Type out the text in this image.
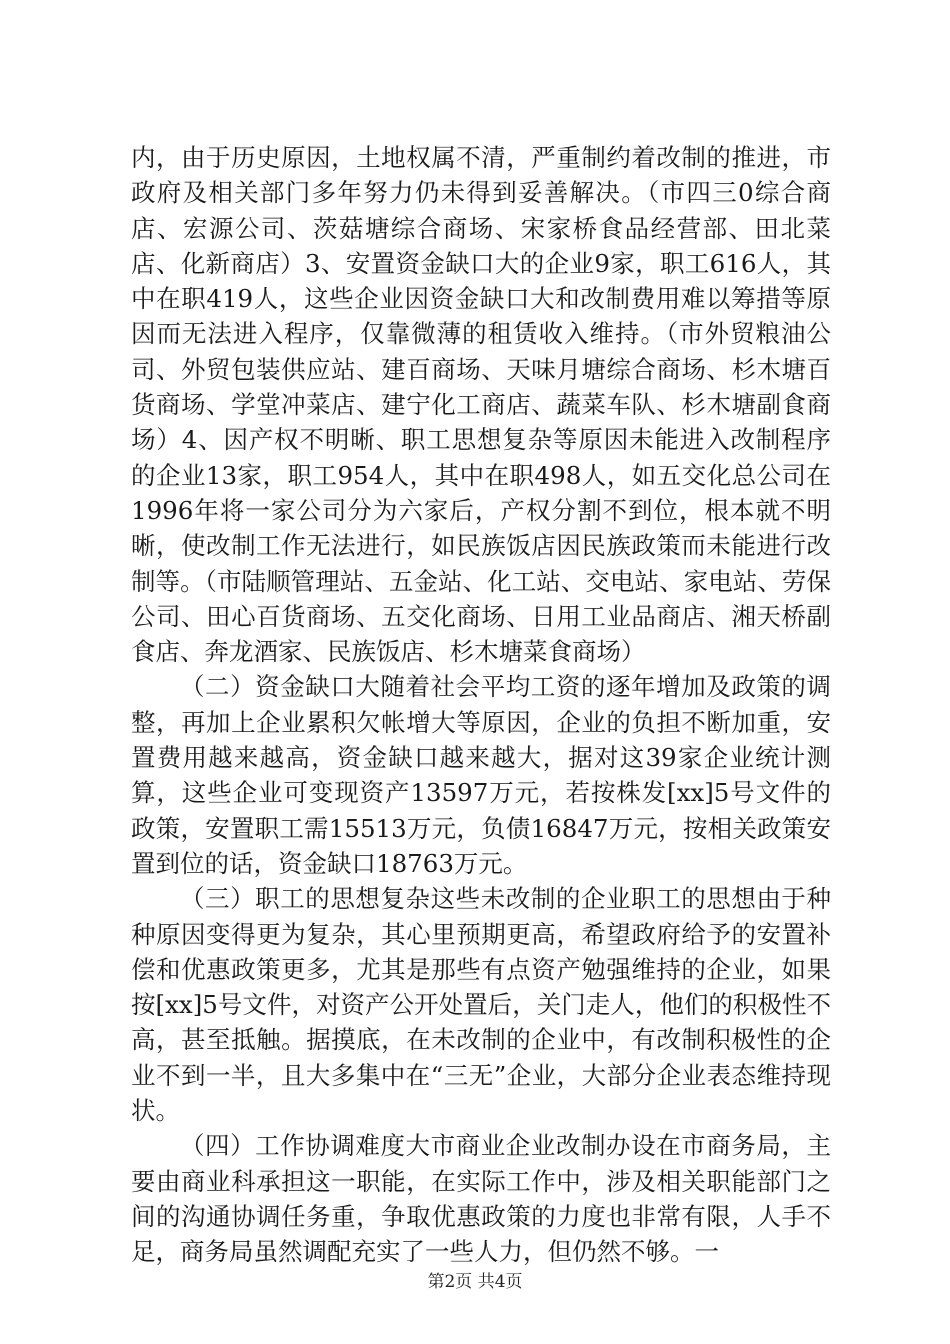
内，由于历史原因，土地权属不清，严重制约着改制的推进，市政府及相关部门多年努力仍未得到妥善解决。（市四三0综合商店、宏源公司、茨菇塘综合商场、宋家桥食品经营部、田北菜店、化新商店）3、安置资金缺口大的企业9家，职工616人，其中在职419人，这些企业因资金缺口大和改制费用难以筹措等原因而无法进入程序，仅靠微薄的租赁收入维持。（市外贸粮油公司、外贸包装供应站、建百商场、天味月塘综合商场、杉木塘百货商场、学堂冲菜店、建宁化工商店、蔬菜车队、杉木塘副食商场）4、因产权不明晰、职工思想复杂等原因未能进入改制程序的企业13家，职工954人，其中在职498人，如五交化总公司在1996年将一家公司分为六家后，产权分割不到位，根本就不明晰，使改制工作无法进行，如民族饭店因民族政策而未能进行改制等。（市陆顺管理站、五金站、化工站、交电站、家电站、劳保公司、田心百货商场、五交化商场、日用工业品商店、湘天桥副食店、奔龙酒家、民族饭店、杉木塘菜食商场）

（二）资金缺口大随着社会平均工资的逐年增加及政策的调整，再加上企业累积欠帐增大等原因，企业的负担不断加重，安置费用越来越高，资金缺口越来越大，据对这39家企业统计测算，这些企业可变现资产13597万元，若按株发[xx]5号文件的政策，安置职工需15513万元，负债16847万元，按相关政策安置到位的话，资金缺口18763万元。

（三）职工的思想复杂这些未改制的企业职工的思想由于种种原因变得更为复杂，其心里预期更高，希望政府给予的安置补偿和优惠政策更多，尤其是那些有点资产勉强维持的企业，如果按[xx]5号文件，对资产公开处置后，关门走人，他们的积极性不高，甚至抵触。据摸底，在未改制的企业中，有改制积极性的企业不到一半，且大多集中在“三无”企业，大部分企业表态维持现状。

（四）工作协调难度大市商业企业改制办设在市商务局，主要由商业科承担这一职能，在实际工作中，涉及相关职能部门之间的沟通协调任务重，争取优惠政策的力度也非常有限，人手不足，商务局虽然调配充实了一些人力，但仍然不够。一

第2页 共4页
